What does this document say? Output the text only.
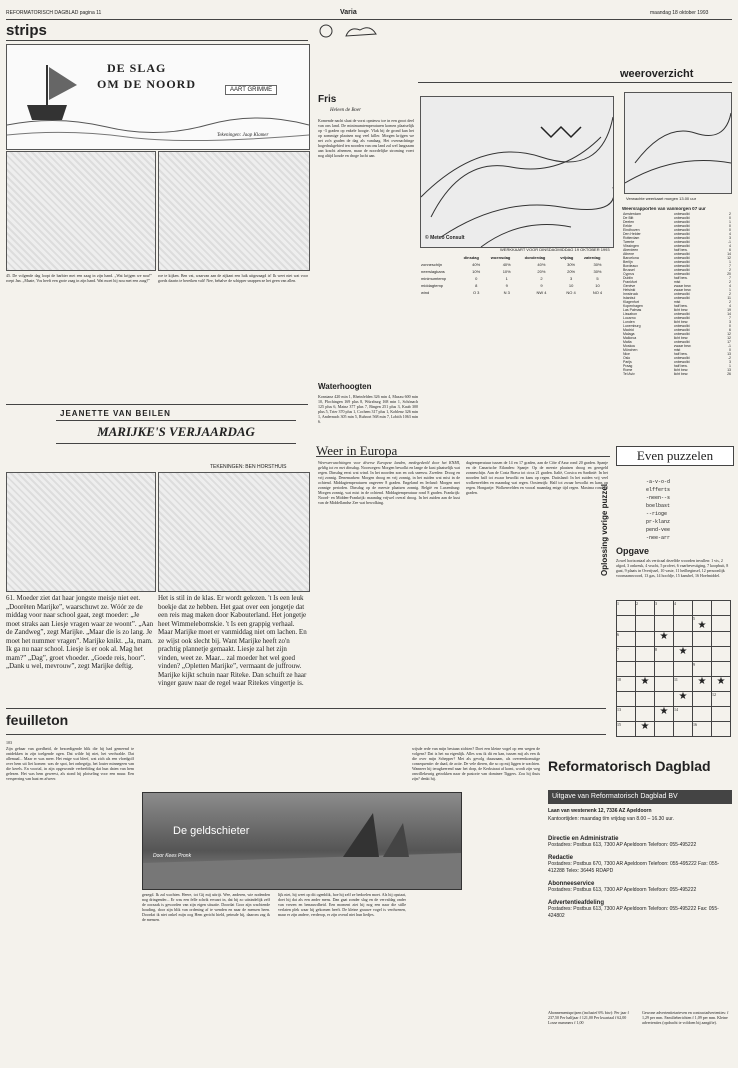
REFORMATORISCH DAGBLAD pagina 11	Varia	maandag 18 oktober 1993
strips
DE SLAG
OM DE NOORD	AART GRIMME
Tekeningen: Jaap Klamer
45. De volgende dag loopt de barbier met een zaag in zijn hand. „Wat krijgen we nou!” roept Jan. „Maate, Vos heeft een grote zaag in zijn hand. Wat moet hij nou met een zaag?”
roe te kijken. Ben vat, waarvan aan de zijkant een luik uitgezaagd is! Ik weet niet wat voor goeds daarin te bereiken valt! Nee, behalve de schipper snappen ze het geen van allen.
JEANETTE VAN BEILEN
MARIJKE'S VERJAARDAG
TEKENINGEN: BEN HORSTHUIS
61. Moeder ziet dat haar jongste meisje niet eet. „Doorëten Marijke”, waarschuwt ze. Wóór ze de middag voor naar school gaat, zegt moeder: „Je moet straks aan Liesje vragen waar ze woont”. „Aan de Zandweg”, zegt Marijke. „Maar die is zo lang. Je moet het nummer vragen”. Marijke knikt. „Ja, mam. Ik ga nu naar school. Liesje is er ook al. Mag het mam?” „Dag”, groet vhoeder. „Goede reis, hoor”. „Dank u wel, mevrouw”, zegt Marijke deftig.
Het is stil in de klas. Er wordt gelezen. 't Is een leuk boekje dat ze hebben. Het gaat over een jongetje dat een reis mag maken door Kabouterland. Het jongetje heet Wimmelebomskie. 't Is een grappig verhaal. Maar Marijke moet er vanmiddag niet om lachen. En ze wijst ook slecht bij. Want Marijke heeft zo'n prachtig plannetje gemaakt. Liesje zal het zijn vinden, weet ze. Maar... zal moeder het wel goed vinden? „Opletten Marijke”, vermaant de juffrouw. Marijke kijkt schuin naar Riteke. Dan schuift ze haar vinger gauw naar de regel waar Ritekes vingertje is.
Fris
Heleen de Boer
Komende nacht slaat de vorst opnieuw toe in een groot deel van ons land. De minimumtemperaturen komen plaatselijk op -3 graden op enkele hoogte. Vlak bij de grond kan het op sommige plaatsen nog veel killer. Morgen krijgen we net zo'n graden de dag als vandaag. Het overnachtinge hogedrukgebied ten noorden van ons land zal wel langzaam aan kracht afnemen, maar de noordelijke stroming voert nog altijd koude en droge lucht aan.
Waterhoogten
Konstanz 420 min 1, Rheinfelden 326 min 4, Maxau 600 min 10, Plochingen 169 plus 8, Würzburg 168 min 1, Schönach 125 plus 6, Mainz 377 plus 7, Bingen 251 plus 3, Kaub 300 plus 5, Trier 370 plus 1, Cochem 317 plus 1, Koblenz 326 min 1, Andernach 305 min 5, Ruhrort 568 min 7, Lobith 1063 min 6.
weeroverzicht
© Meteo Consult
WERKKAART VOOR DINSDAGMIDDAG 19 OKTOBER 1993
	dinsdag	woensdag	donderdag	vrijdag	zaterdag
zonneschijn	40%	40%	40%	30%	30%
neerslagkans	10%	10%	20%	20%	30%
minimumtemp	0	1	2	3	5
middagtemp	8	9	9	10	10
wind	O 3	N 3	NW 4	NO 4	NO 4
Verwachte weerkaart morgen 13.00 uur
Weersrapporten van vanmorgen 07 uur
Amsterdam	onbewolkt	2
De Bilt	onbewolkt	0
Deelen	onbewolkt	1
Eelde	onbewolkt	0
Eindhoven	onbewolkt	0
Den Helder	onbewolkt	4
Rotterdam	onbewolkt	3
Twente	onbewolkt	-1
Vlissingen	onbewolkt	4
Aberdeen	half bew.	6
Athene	onbewolkt	14
Barcelona	onbewolkt	12
Berlijn	onbewolkt	1
Bordeaux	onbewolkt	7
Brussel	onbewolkt	2
Cyprus	onbewolkt	20
Dublin	half bew.	7
Frankfurt	mist	2
Genève	zwaar bew.	4
Helsinki	zwaar bew.	1
Innsbruck	onbewolkt	2
Istanbul	onbewolkt	11
Klagenfurt	mist	2
Kopenhagen	half bew.	4
Las Palmas	licht bew.	19
Lissabon	onbewolkt	14
Locarno	onbewolkt	7
Londen	licht bew.	3
Luxemburg	onbewolkt	0
Madrid	onbewolkt	6
Malaga	onbewolkt	12
Mallorca	licht bew.	12
Malta	onbewolkt	17
Moskou	zwaar bew.	-1
München	mist	0
Nice	half bew.	13
Oslo	onbewolkt	-2
Parijs	onbewolkt	3
Praag	half bew.	1
Rome	licht bew.	13
Tel Aviv	licht bew.	26
Weer in Europa
Weersverwachtingen voor diverse Europese landen, medegedeeld door het KNMI, geldig tot en met dinsdag. Noorwegen: Morgen bewolkt en lange de kust plaatselijk wat regen. Dinsdag eerst wat wind. In het noorden zon en ook sneeuw. Zweden: Droog en vrij zonnig. Denemarken: Morgen droog en vrij zonnig, in het zuiden wat mist in de ochtend. Middagtemperaturen ongeveer 8 graden. Engeland en Ierland: Morgen met zonnige perioden. Dinsdag op de meeste plaatsen zonnig. België en Luxemburg: Morgen zonnig, wat mist in de ochtend. Middagtemperatuur rond 8 graden. Frankrijk: Noord- en Midden-Frankrijk: maandag vrijwel overal droog. In het zuiden aan de kust van de Middellandse Zee wat bewolking.
dagtemperatuur tussen de 14 en 17 graden, aan de Côte d'Azur rond 20 graden. Spanje en de Canarische Eilanden: Spanje: Op de meeste plaatsen droog en geregeld zonneschijn. Aan de Costa Brava tot circa 21 graden. Italië, Corsica en Sardinië: In het noorden half tot zwaar bewolkt en kans op regen. Duitsland: In het zuiden vrij veel wolkenvelden en maandag wat regen. Oostenrijk: Half tot zwaar bewolkt en kans op regen. Hongarije: Wolkenvelden en vooral maandag enige tijd regen. Maxima rond 12 graden.
Even puzzelen
Oplossing vorige puzzel
-a-v-o-d
elfferts
-neen--s
boelbast
--rioge
pr-klanz
pend-vee
-nee-arr
Opgave
Zowel horizontaal als verticaal dezelfde woorden invullen: 1 vis, 2 afgod, 3 onkreuk, 4 vrucht, 5 profeet, 6 vaarbevestiging, 7 koopbuit, 8 gaat, 9 plaats in Overijssel, 10 vaste, 11 heilbeginsel, 12 persoonlijk voornaamwoord, 13 gas, 14 hoofdje, 15 kansbel, 16 Hoefmiddel.
1	2	3	4		
				5
★	

6		★			

7		8	★		

				9	
10	★		11	★	★

			★		12
13		★	14		
15	★			16	
feuilleton
103
Zijn gebaar van goedheid, de bezoedigende blik die hij had gemeend te ontdekken in zijn toelgende ogen. Dat wilde hij niet, het verdwalde. Dat allemaal... Maar er was meer. Het enige wat bleef, wat zich als een vloedgolf over hem uit liet komen: was de spot, het onbegrijp, het louter minnegeen van die kerels. En voortal, in zijn opgewonde verbeelding dat hun daten van hem gelezen. Het was hem geweest, als stond hij plotseling voor een muur. Een versperring van haat en afweer.
De geldschieter
Door Kees Pronk
gezegd. Ik zal wachten. Heere, tot Gij mij uitrijt. Wee, anderen, wie nodenden nog dringender... Er was een felle schrik ervaart in, dat hij zo uitsindelijk zelf de oorzaak is geworden van zijn eigen situatie. Doordat Goor zijn wachtende houding, door zijn blik van ordening af te wenden en naar de mensen heen. Doordat ik niet onkel mijn oog Hem gericht hield, peinsde hij, daarom zag ik de mensen.
lijk niet, hij weet op dit ogenblik, hoe hij zelf ze bedoelen moet. Als hij opstaat, doet hij dat als een ander mens. Dan gaat zonder slag en de vervaldag onder van vrezen en benauwdheid. Een moment ziet hij nog een naar die stille verlaten plek waar hij gekomen heeft. De kleine grauwe vogel is verdwenen, maar er zijn andere, verderop, er zijn overal niet hun liedjes.
wijsde rede van mijn bestaan zichten? Doet een kleine vogel op een wegen de volgens? Dat is het nu eigenlijk. Alles was ik dit en kan, tussen mij als een ik die over mijn Schepper? Met als gevolg duurzaam, als overeenkomstige consequentie: de daad, de actie. De vele dieren, die so op mij liggen te wachten. Wanneer hij terugkeerend naar het dorp, de Kerkstraat af komt, wordt zijn weg onwillekeurig getrokken naar de pastorie van dominee Tiggers. Zou hij thuis zijn? denkt hij.
Reformatorisch Dagblad
Uitgave van Reformatorisch Dagblad BV
Laan van westenenk 12, 7336 AZ Apeldoorn
Kantoortijden: maandag t/m vrijdag van 8.00 – 16.30 uur.
Directie en Administratie
Postadres: Postbus 613, 7300 AP Apeldoorn Telefoon: 055-495222
Redactie
Postadres: Postbus 670, 7300 AR Apeldoorn Telefoon: 055-495222 Fax: 055-412288 Telex: 36445 RDAPD
Abonneeservice
Postadres: Postbus 613, 7300 AP Apeldoorn Telefoon: 055-495222
Advertentieafdeling
Postadres: Postbus 613, 7300 AP Apeldoorn Telefoon: 055-495222 Fax: 055-424802
Abonnementsprijzen (inclusief 6% btw): Per jaar f 237,50 Per halfjaar f 121,00 Per kwartaal f 62,00 Losse nummers f 1,00
Gewone advertentietarieven en contractadvertenties: f 1,29 per mm. Familieberichten f 1,09 per mm. Kleine advertenties (opdracht te voldoen bij aangifte).
